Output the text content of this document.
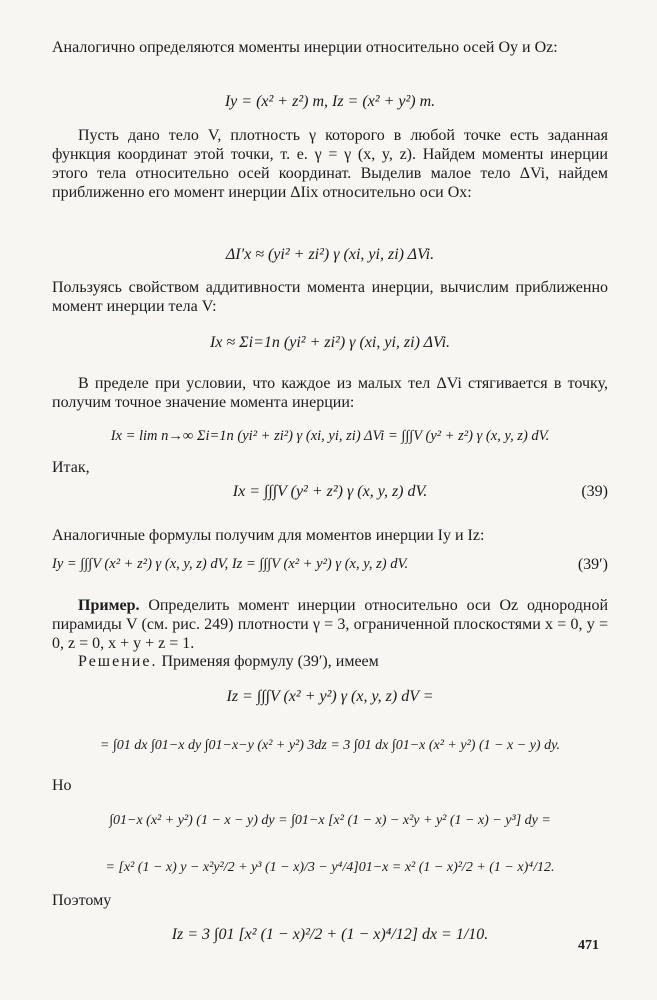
Аналогично определяются моменты инерции относительно осей Oy и Oz:

Iy = (x² + z²) m, Iz = (x² + y²) m.

Пусть дано тело V, плотность γ которого в любой точке есть заданная функция координат этой точки, т. е. γ = γ (x, y, z). Найдем моменты инерции этого тела относительно осей координат. Выделив малое тело ΔVi, найдем приближенно его момент инерции ΔIix относительно оси Ox:

ΔI′x ≈ (yi² + zi²) γ (xi, yi, zi) ΔVi.

Пользуясь свойством аддитивности момента инерции, вычислим приближенно момент инерции тела V:

Ix ≈ Σi=1n (yi² + zi²) γ (xi, yi, zi) ΔVi.

В пределе при условии, что каждое из малых тел ΔVi стягивается в точку, получим точное значение момента инерции:

Ix = lim n→∞ Σi=1n (yi² + zi²) γ (xi, yi, zi) ΔVi = ∫∫∫V (y² + z²) γ (x, y, z) dV.

Итак,

Ix = ∫∫∫V (y² + z²) γ (x, y, z) dV.	(39)

Аналогичные формулы получим для моментов инерции Iy и Iz:

Iy = ∫∫∫V (x² + z²) γ (x, y, z) dV, Iz = ∫∫∫V (x² + y²) γ (x, y, z) dV.	(39′)

Пример. Определить момент инерции относительно оси Oz однородной пирамиды V (см. рис. 249) плотности γ = 3, ограниченной плоскостями x = 0, y = 0, z = 0, x + y + z = 1.

Решение. Применяя формулу (39′), имеем

Iz = ∫∫∫V (x² + y²) γ (x, y, z) dV =
= ∫01 dx ∫01−x dy ∫01−x−y (x² + y²) 3dz = 3 ∫01 dx ∫01−x (x² + y²) (1 − x − y) dy.

Но

∫01−x (x² + y²) (1 − x − y) dy = ∫01−x [x² (1 − x) − x²y + y² (1 − x) − y³] dy =
= [x² (1 − x) y − x²y²/2 + y³ (1 − x)/3 − y⁴/4]01−x = x² (1 − x)²/2 + (1 − x)⁴/12.

Поэтому

Iz = 3 ∫01 [x² (1 − x)²/2 + (1 − x)⁴/12] dx = 1/10.
471
